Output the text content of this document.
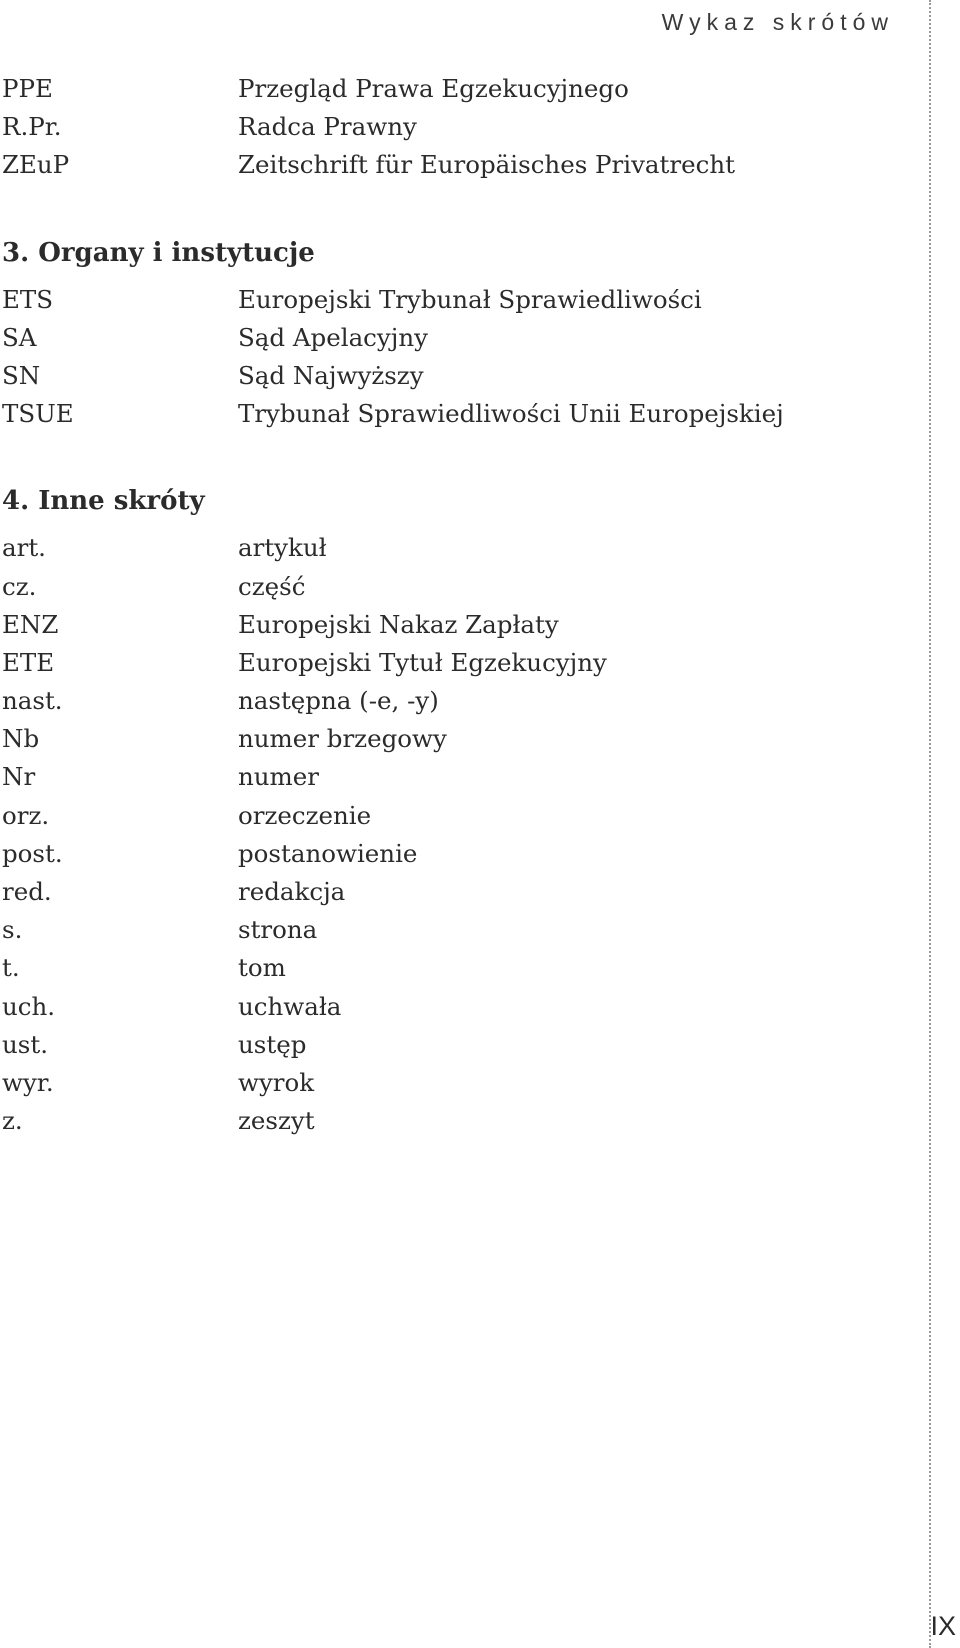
Wykaz skrótów
PPE	Przegląd Prawa Egzekucyjnego
R.Pr.	Radca Prawny
ZEuP	Zeitschrift für Europäisches Privatrecht
3. Organy i instytucje
ETS	Europejski Trybunał Sprawiedliwości
SA	Sąd Apelacyjny
SN	Sąd Najwyższy
TSUE	Trybunał Sprawiedliwości Unii Europejskiej
4. Inne skróty
art.	artykuł
cz.	część
ENZ	Europejski Nakaz Zapłaty
ETE	Europejski Tytuł Egzekucyjny
nast.	następna (-e, -y)
Nb	numer brzegowy
Nr	numer
orz.	orzeczenie
post.	postanowienie
red.	redakcja
s.	strona
t.	tom
uch.	uchwała
ust.	ustęp
wyr.	wyrok
z.	zeszyt
IX
